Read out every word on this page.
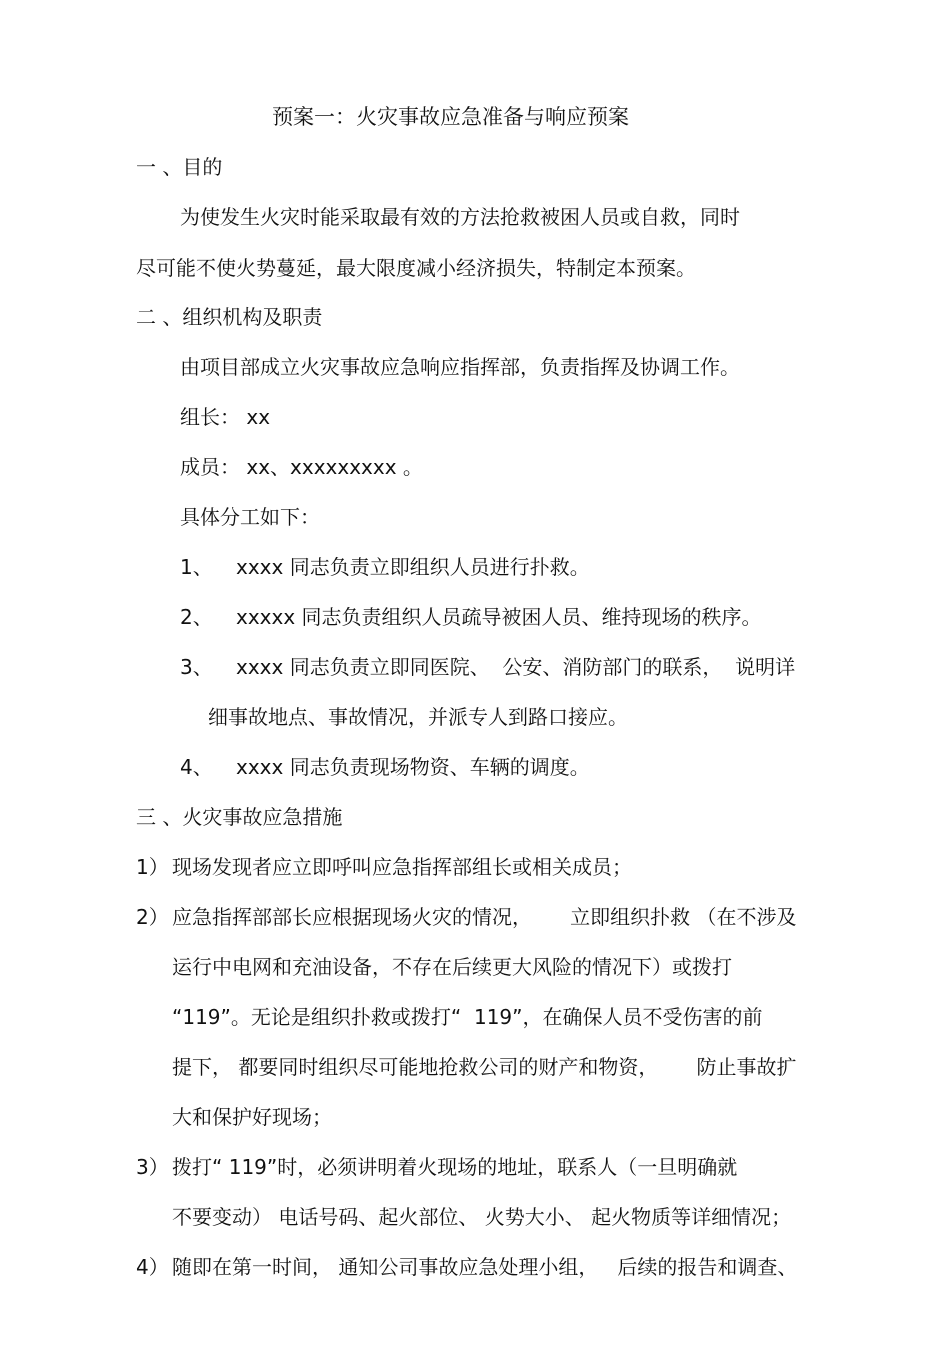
预案一：火灾事故应急准备与响应预案
一 、目的
为使发生火灾时能采取最有效的方法抢救被困人员或自救，同时
尽可能不使火势蔓延，最大限度减小经济损失，特制定本预案。
二 、组织机构及职责
由项目部成立火灾事故应急响应指挥部，负责指挥及协调工作。
组长： xx
成员： xx、xxxxxxxxx 。
具体分工如下：
1、 xxxx 同志负责立即组织人员进行扑救。
2、 xxxxx 同志负责组织人员疏导被困人员、维持现场的秩序。
3、 xxxx 同志负责立即同医院、  公安、消防部门的联系，  说明详
细事故地点、事故情况，并派专人到路口接应。
4、 xxxx 同志负责现场物资、车辆的调度。
三 、火灾事故应急措施
1） 现场发现者应立即呼叫应急指挥部组长或相关成员；
2） 应急指挥部部长应根据现场火灾的情况，      立即组织扑救 （在不涉及
运行中电网和充油设备，不存在后续更大风险的情况下）或拨打
“119”。无论是组织扑救或拨打“  119”，在确保人员不受伤害的前
提下， 都要同时组织尽可能地抢救公司的财产和物资，      防止事故扩
大和保护好现场；
3） 拨打“ 119”时，必须讲明着火现场的地址，联系人（一旦明确就
不要变动） 电话号码、起火部位、 火势大小、 起火物质等详细情况；
4） 随即在第一时间， 通知公司事故应急处理小组，   后续的报告和调查、
